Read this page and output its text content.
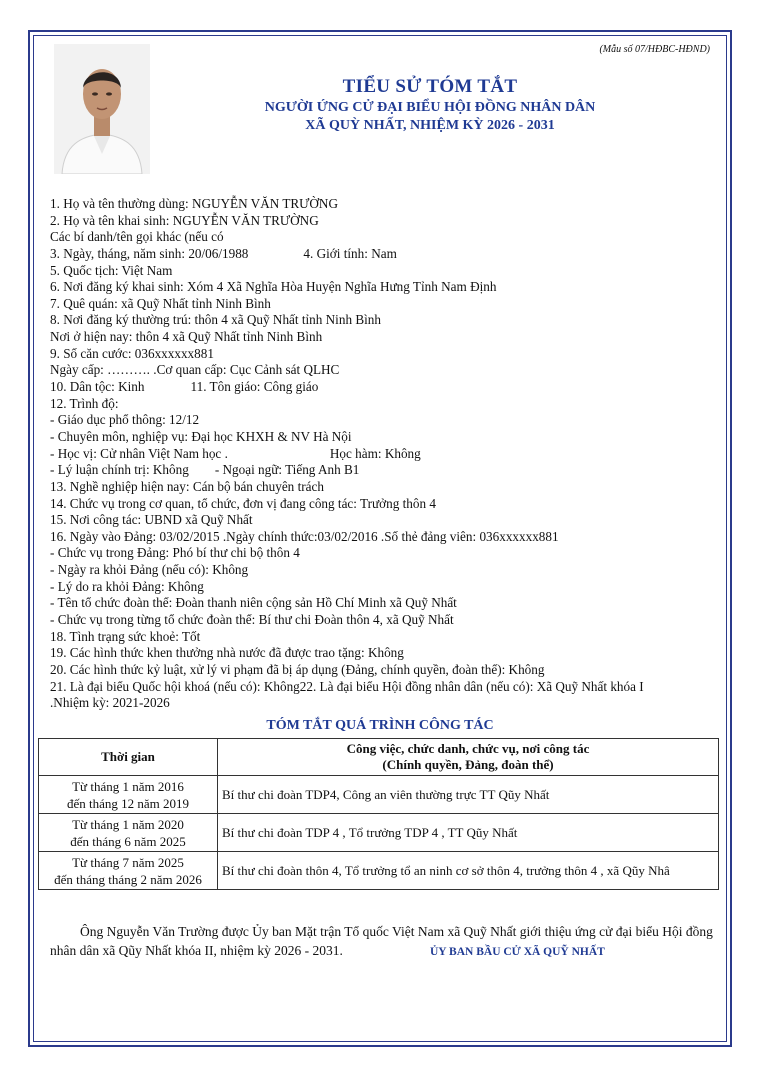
(Mẫu số 07/HĐBC-HĐND)
TIỂU SỬ TÓM TẮT
NGƯỜI ỨNG CỬ ĐẠI BIỂU HỘI ĐỒNG NHÂN DÂN
XÃ QUỲ NHẤT, NHIỆM KỲ 2026 - 2031
1. Họ và tên thường dùng: NGUYỄN VĂN TRƯỜNG
2. Họ và tên khai sinh: NGUYỄN VĂN TRƯỜNG
Các bí danh/tên gọi khác (nếu có
3. Ngày, tháng, năm sinh: 20/06/1988	4. Giới tính: Nam
5. Quốc tịch: Việt Nam
6. Nơi đăng ký khai sinh: Xóm 4 Xã Nghĩa Hòa Huyện Nghĩa Hưng Tỉnh Nam Định
7. Quê quán: xã Quỹ Nhất tỉnh Ninh Bình
8. Nơi đăng ký thường trú: thôn 4 xã Quỹ Nhất tỉnh Ninh Bình
Nơi ở hiện nay: thôn 4 xã Quỹ Nhất tỉnh Ninh Bình
9. Số căn cước: 036xxxxxx881
Ngày cấp: ………. .Cơ quan cấp: Cục Cảnh sát QLHC
10. Dân tộc: Kinh	11. Tôn giáo: Công giáo
12. Trình độ:
- Giáo dục phổ thông: 12/12
- Chuyên môn, nghiệp vụ: Đại học KHXH & NV Hà Nội
- Học vị: Cử nhân Việt Nam học .	Học hàm: Không
- Lý luận chính trị: Không - Ngoại ngữ: Tiếng Anh B1
13. Nghề nghiệp hiện nay: Cán bộ bán chuyên trách
14. Chức vụ trong cơ quan, tổ chức, đơn vị đang công tác: Trưởng thôn 4
15. Nơi công tác: UBND xã Quỹ Nhất
16. Ngày vào Đảng: 03/02/2015 .Ngày chính thức:03/02/2016 .Số thẻ đảng viên: 036xxxxxx881
- Chức vụ trong Đảng: Phó bí thư chi bộ thôn 4
- Ngày ra khỏi Đảng (nếu có): Không
- Lý do ra khỏi Đảng: Không
- Tên tổ chức đoàn thể: Đoàn thanh niên cộng sản Hồ Chí Minh xã Quỹ Nhất
- Chức vụ trong từng tổ chức đoàn thể: Bí thư chi Đoàn thôn 4, xã Quỹ Nhất
18. Tình trạng sức khoẻ: Tốt
19. Các hình thức khen thưởng nhà nước đã được trao tặng: Không
20. Các hình thức kỷ luật, xử lý vi phạm đã bị áp dụng (Đảng, chính quyền, đoàn thể): Không
21. Là đại biểu Quốc hội khoá (nếu có): Không22. Là đại biểu Hội đồng nhân dân (nếu có): Xã Quỹ Nhất khóa I
.Nhiệm kỳ: 2021-2026
TÓM TẮT QUÁ TRÌNH CÔNG TÁC
Thời gian	Công việc, chức danh, chức vụ, nơi công tác
(Chính quyền, Đảng, đoàn thể)

Từ tháng 1 năm 2016
đến tháng 12 năm 2019	Bí thư chi đoàn TDP4, Công an viên thường trực TT Qũy Nhất

Từ tháng 1 năm 2020
đến tháng 6 năm 2025	Bí thư chi đoàn TDP 4 , Tổ trưởng TDP 4 , TT Qũy Nhất

Từ tháng 7 năm 2025
đến tháng tháng 2 năm 2026	Bí thư chi đoàn thôn 4, Tổ trưởng tổ an ninh cơ sở thôn 4, trưởng thôn 4 , xã Qũy Nhâ
Ông Nguyễn Văn Trường được Ủy ban Mặt trận Tổ quốc Việt Nam xã Quỹ Nhất giới thiệu ứng cử đại biểu Hội đồng nhân dân xã Qũy Nhất khóa II, nhiệm kỳ 2026 - 2031.	ỦY BAN BẦU CỬ XÃ QUỸ NHẤT
